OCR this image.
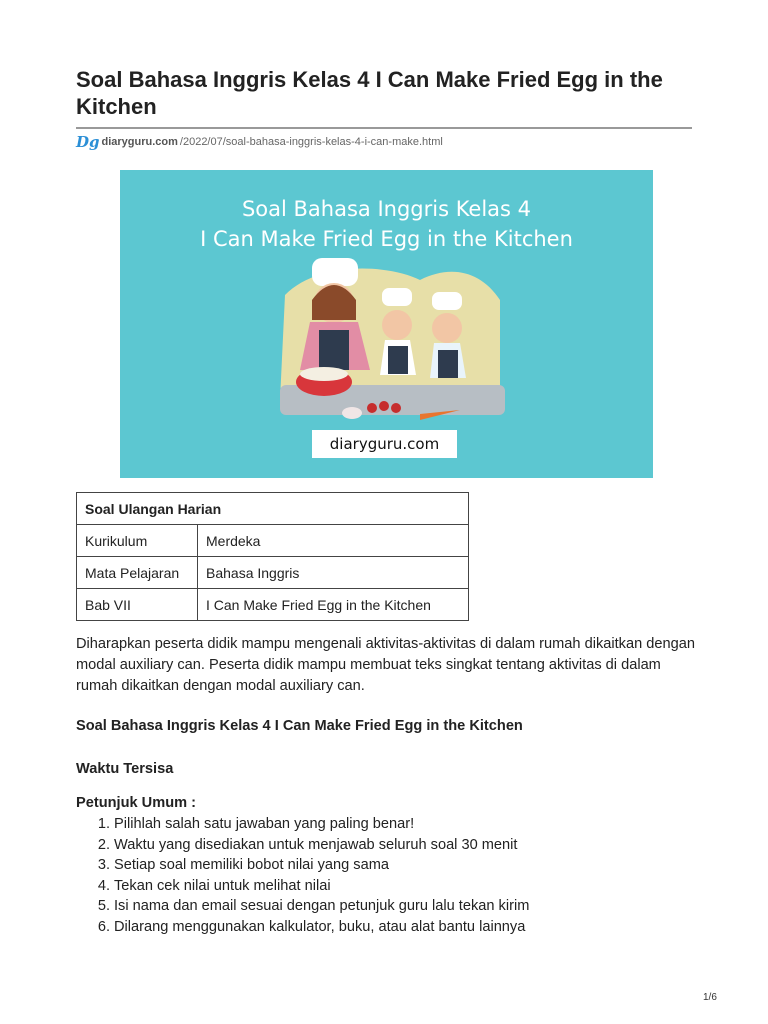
Soal Bahasa Inggris Kelas 4 I Can Make Fried Egg in the Kitchen
Dg diaryguru.com /2022/07/soal-bahasa-inggris-kelas-4-i-can-make.html
Soal Bahasa Inggris Kelas 4
I Can Make Fried Egg in the Kitchen
diaryguru.com
Soal Ulangan Harian	
Kurikulum	Merdeka
Mata Pelajaran	Bahasa Inggris
Bab VII	I Can Make Fried Egg in the Kitchen

Diharapkan peserta didik mampu mengenali aktivitas-aktivitas di dalam rumah dikaitkan dengan modal auxiliary can. Peserta didik mampu membuat teks singkat tentang aktivitas di dalam rumah dikaitkan dengan modal auxiliary can.

Soal Bahasa Inggris Kelas 4 I Can Make Fried Egg in the Kitchen
Waktu Tersisa
Petunjuk Umum :
1. Pilihlah salah satu jawaban yang paling benar!
2. Waktu yang disediakan untuk menjawab seluruh soal 30 menit
3. Setiap soal memiliki bobot nilai yang sama
4. Tekan cek nilai untuk melihat nilai
5. Isi nama dan email sesuai dengan petunjuk guru lalu tekan kirim
6. Dilarang menggunakan kalkulator, buku, atau alat bantu lainnya
1/6
